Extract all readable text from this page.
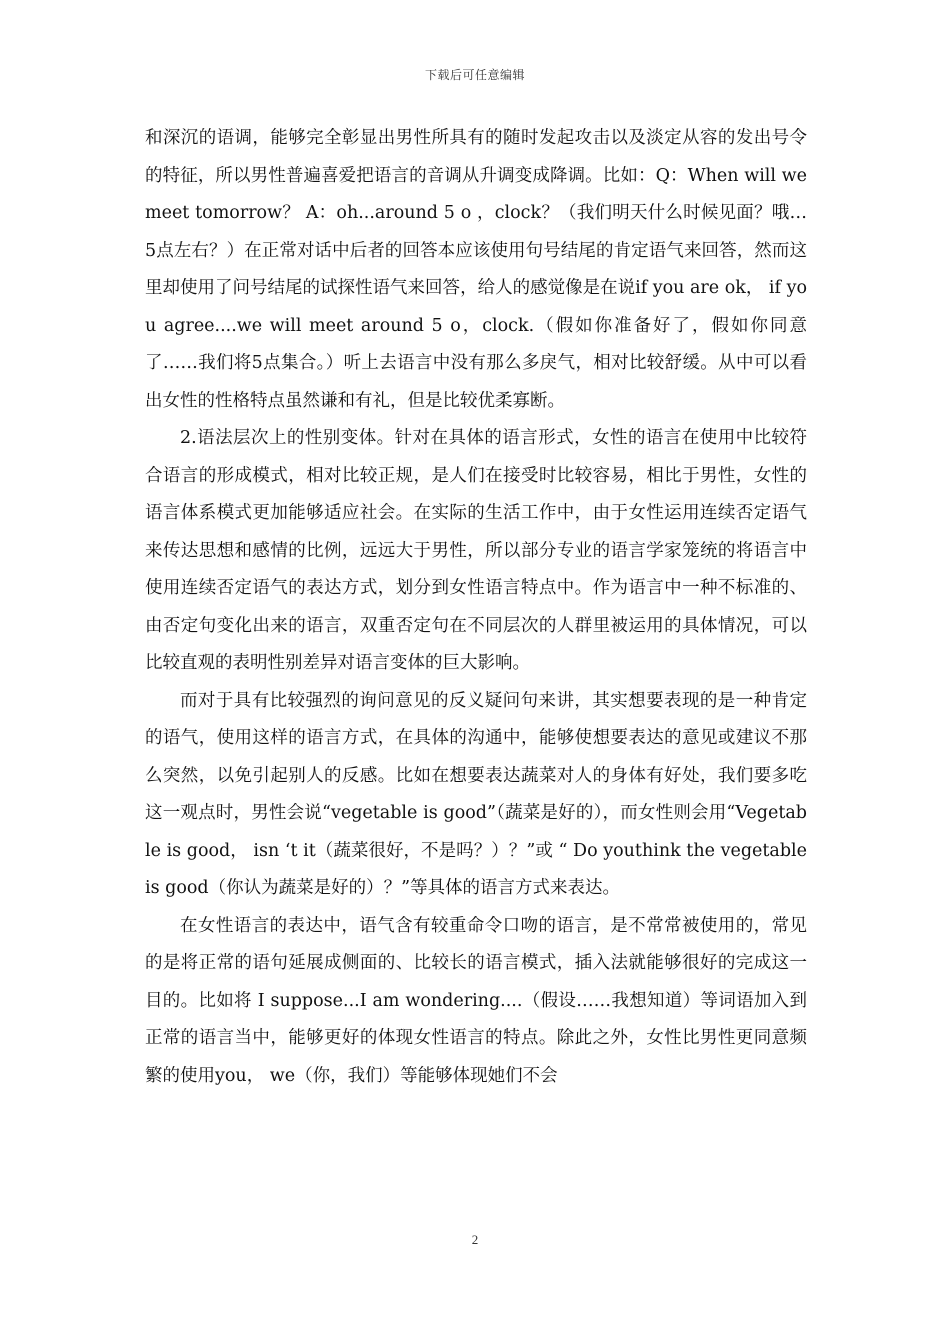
下载后可任意编辑

和深沉的语调，能够完全彰显出男性所具有的随时发起攻击以及淡定从容的发出号令的特征，所以男性普遍喜爱把语言的音调从升调变成降调。比如：Q：When will we meet tomorrow？ A：oh...around 5 o ，clock？（我们明天什么时候见面？哦…5点左右？）在正常对话中后者的回答本应该使用句号结尾的肯定语气来回答，然而这里却使用了问号结尾的试探性语气来回答，给人的感觉像是在说if you are ok， if you agree....we will meet around 5 o，clock.（假如你准备好了，假如你同意了……我们将5点集合。）听上去语言中没有那么多戾气，相对比较舒缓。从中可以看出女性的性格特点虽然谦和有礼，但是比较优柔寡断。

2.语法层次上的性别变体。针对在具体的语言形式，女性的语言在使用中比较符合语言的形成模式，相对比较正规，是人们在接受时比较容易，相比于男性，女性的语言体系模式更加能够适应社会。在实际的生活工作中，由于女性运用连续否定语气来传达思想和感情的比例，远远大于男性，所以部分专业的语言学家笼统的将语言中使用连续否定语气的表达方式，划分到女性语言特点中。作为语言中一种不标准的、由否定句变化出来的语言，双重否定句在不同层次的人群里被运用的具体情况，可以比较直观的表明性别差异对语言变体的巨大影响。

而对于具有比较强烈的询问意见的反义疑问句来讲，其实想要表现的是一种肯定的语气，使用这样的语言方式，在具体的沟通中，能够使想要表达的意见或建议不那么突然，以免引起别人的反感。比如在想要表达蔬菜对人的身体有好处，我们要多吃这一观点时，男性会说“vegetable is good”（蔬菜是好的），而女性则会用“Vegetable is good， isn ‘t it（蔬菜很好，不是吗？）？”或 “ Do youthink the vegetable is good（你认为蔬菜是好的）？”等具体的语言方式来表达。

在女性语言的表达中，语气含有较重命令口吻的语言，是不常常被使用的，常见的是将正常的语句延展成侧面的、比较长的语言模式，插入法就能够很好的完成这一目的。比如将 I suppose...I am wondering....（假设……我想知道）等词语加入到正常的语言当中，能够更好的体现女性语言的特点。除此之外，女性比男性更同意频繁的使用you， we（你，我们）等能够体现她们不会

2
